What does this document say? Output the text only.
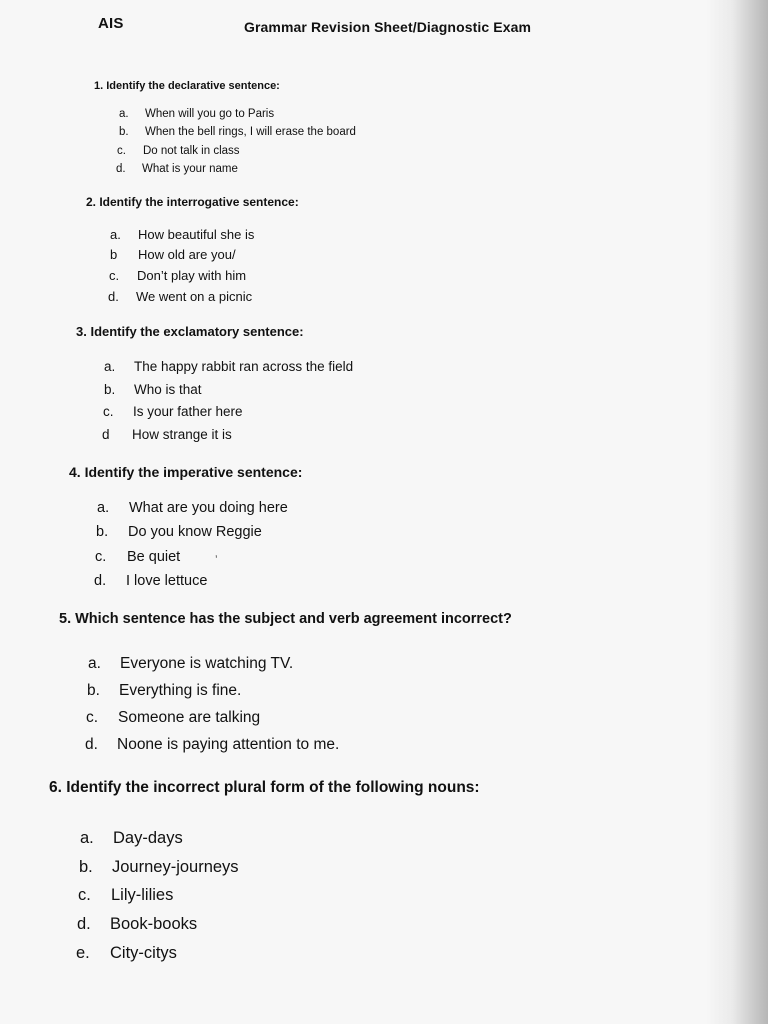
AIS	Grammar Revision Sheet/Diagnostic Exam
1. Identify the declarative sentence:
a. When will you go to Paris
b. When the bell rings, I will erase the board
c. Do not talk in class
d. What is your name
2. Identify the interrogative sentence:
a. How beautiful she is
b How old are you/
c. Don’t play with him
d. We went on a picnic
3. Identify the exclamatory sentence:
a. The happy rabbit ran across the field
b. Who is that
c. Is your father here
d How strange it is
4. Identify the imperative sentence:
a. What are you doing here
b. Do you know Reggie
c. Be quiet	ʼ
d. I love lettuce
5. Which sentence has the subject and verb agreement incorrect?
a. Everyone is watching TV.
b. Everything is fine.
c. Someone are talking
d. Noone is paying attention to me.
6. Identify the incorrect plural form of the following nouns:
a. Day-days
b. Journey-journeys
c. Lily-lilies
d. Book-books
e. City-citys
